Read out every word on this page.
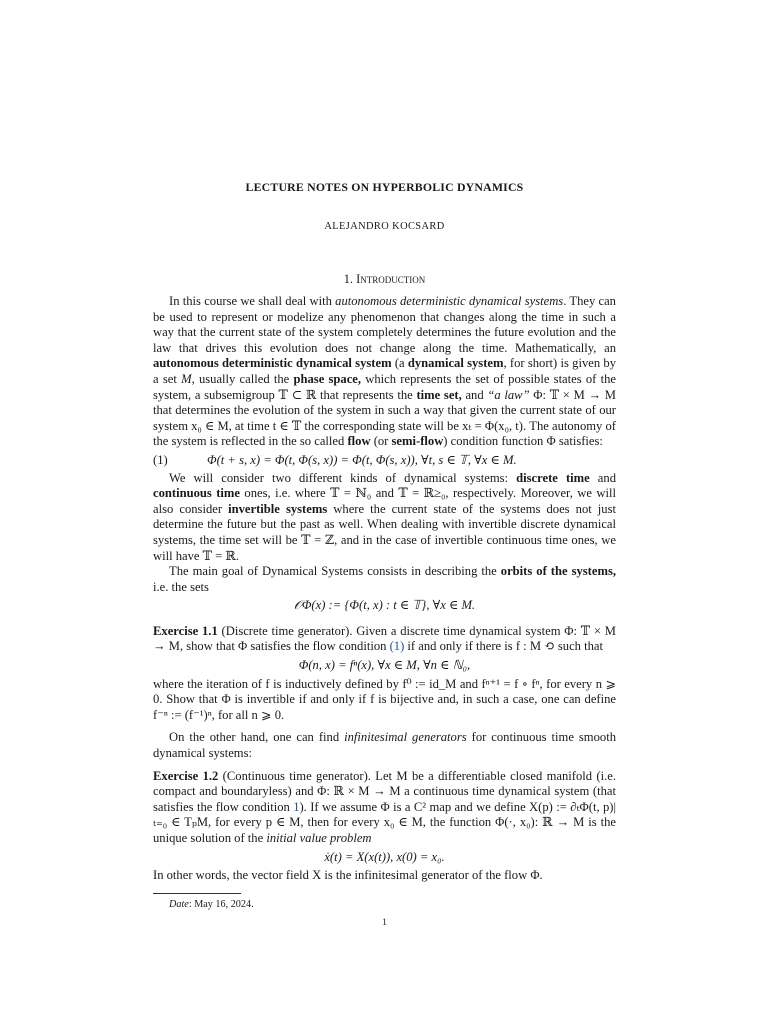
LECTURE NOTES ON HYPERBOLIC DYNAMICS
ALEJANDRO KOCSARD
1. Introduction

In this course we shall deal with autonomous deterministic dynamical systems. They can be used to represent or modelize any phenomenon that changes along the time in such a way that the current state of the system completely determines the future evolution and the law that drives this evolution does not change along the time. Mathematically, an autonomous deterministic dynamical system (a dynamical system, for short) is given by a set M, usually called the phase space, which represents the set of possible states of the system, a subsemigroup 𝕋 ⊂ ℝ that represents the time set, and “a law” Φ: 𝕋 × M → M that determines the evolution of the system in such a way that given the current state of our system x₀ ∈ M, at time t ∈ 𝕋 the corresponding state will be xₜ = Φ(x₀, t). The autonomy of the system is reflected in the so called flow (or semi-flow) condition function Φ satisfies:

(1)	Φ(t + s, x) = Φ(t, Φ(s, x)) = Φ(t, Φ(s, x)), ∀t, s ∈ 𝕋, ∀x ∈ M.

We will consider two different kinds of dynamical systems: discrete time and continuous time ones, i.e. where 𝕋 = ℕ₀ and 𝕋 = ℝ≥₀, respectively. Moreover, we will also consider invertible systems where the current state of the systems does not just determine the future but the past as well. When dealing with invertible discrete dynamical systems, the time set will be 𝕋 = ℤ, and in the case of invertible continuous time ones, we will have 𝕋 = ℝ.

The main goal of Dynamical Systems consists in describing the orbits of the systems, i.e. the sets

𝒪Φ(x) := {Φ(t, x) : t ∈ 𝕋}, ∀x ∈ M.

Exercise 1.1 (Discrete time generator). Given a discrete time dynamical system Φ: 𝕋 × M → M, show that Φ satisfies the flow condition (1) if and only if there is f : M ⟲ such that

Φ(n, x) = fⁿ(x), ∀x ∈ M, ∀n ∈ ℕ₀,

where the iteration of f is inductively defined by f⁰ := id_M and fⁿ⁺¹ = f ∘ fⁿ, for every n ⩾ 0. Show that Φ is invertible if and only if f is bijective and, in such a case, one can define f⁻ⁿ := (f⁻¹)ⁿ, for all n ⩾ 0.

On the other hand, one can find infinitesimal generators for continuous time smooth dynamical systems:

Exercise 1.2 (Continuous time generator). Let M be a differentiable closed manifold (i.e. compact and boundaryless) and Φ: ℝ × M → M a continuous time dynamical system (that satisfies the flow condition 1). If we assume Φ is a C² map and we define X(p) := ∂ₜΦ(t, p)|ₜ₌₀ ∈ TₚM, for every p ∈ M, then for every x₀ ∈ M, the function Φ(·, x₀): ℝ → M is the unique solution of the initial value problem

ẋ(t) = X(x(t)), x(0) = x₀.

In other words, the vector field X is the infinitesimal generator of the flow Φ.

Date: May 16, 2024.
1
